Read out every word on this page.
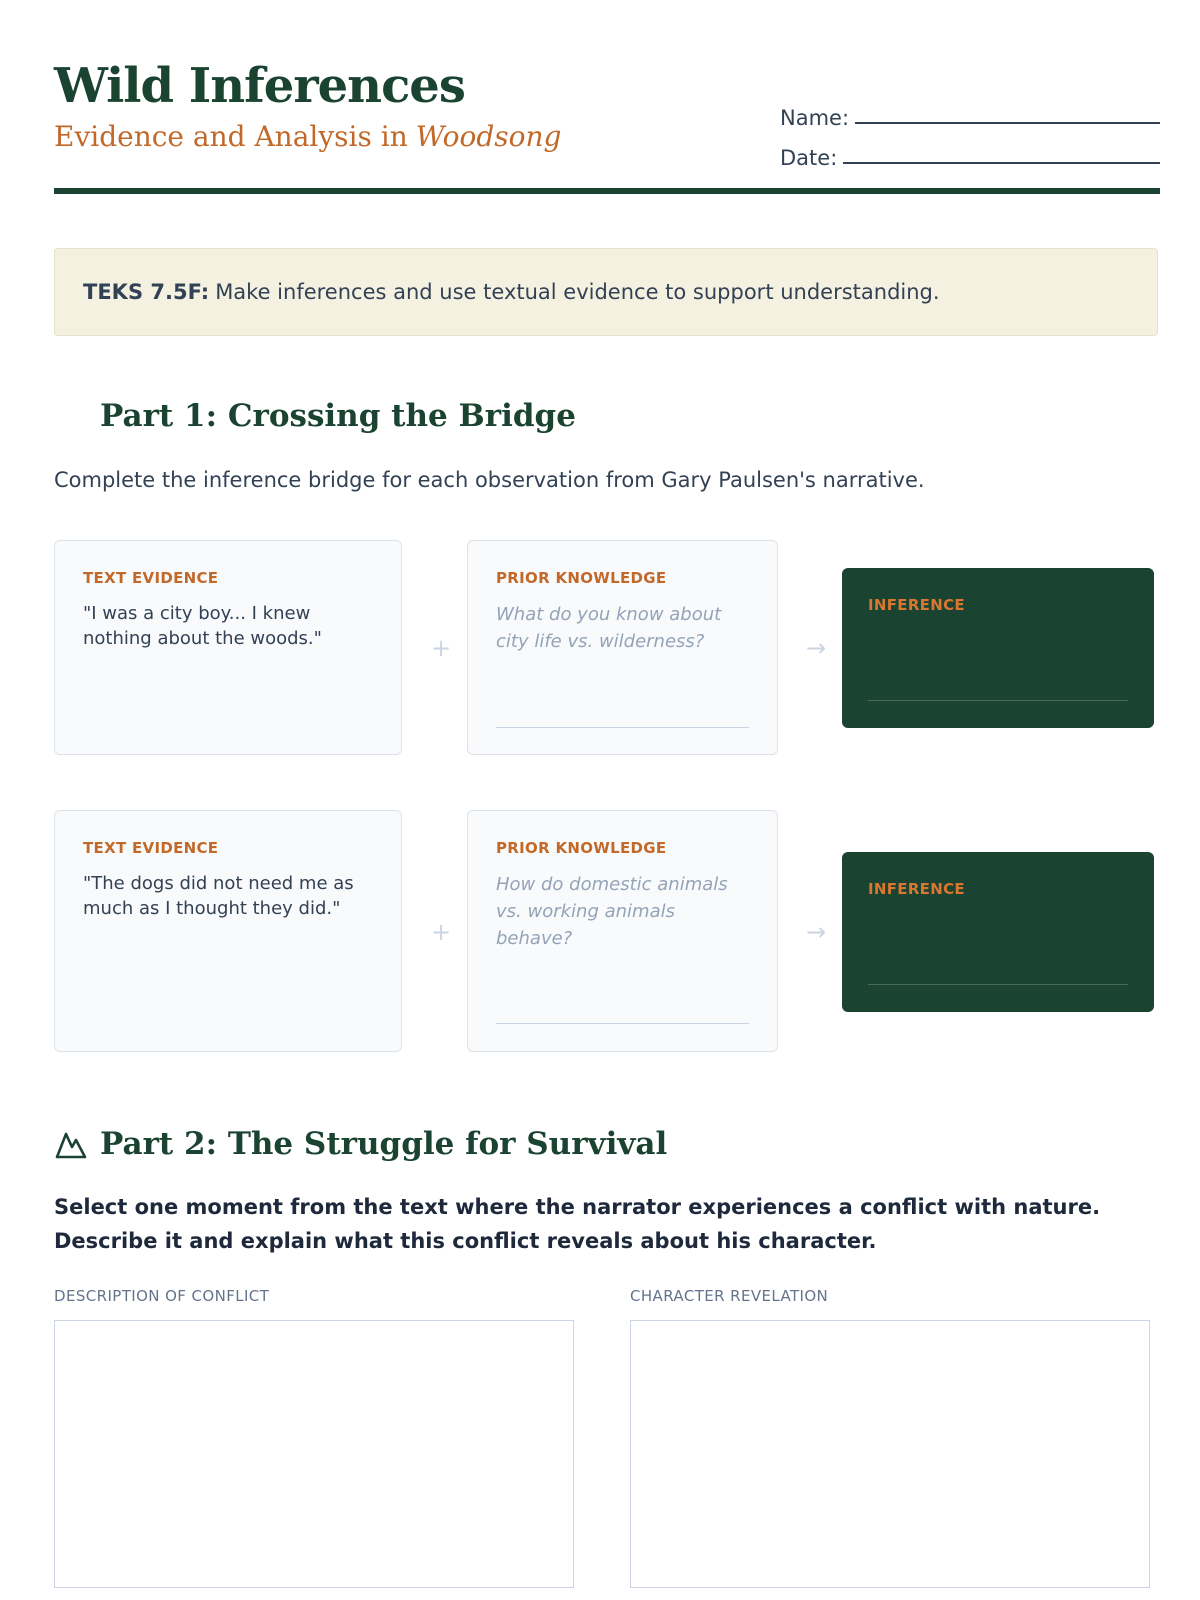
Wild Inferences
Evidence and Analysis in Woodsong
Name:
Date:
TEKS 7.5F: Make inferences and use textual evidence to support understanding.
Part 1: Crossing the Bridge
Complete the inference bridge for each observation from Gary Paulsen's narrative.
TEXT EVIDENCE
"I was a city boy... I knew nothing about the woods."	+
PRIOR KNOWLEDGE
What do you know about city life vs. wilderness?	→
INFERENCE
TEXT EVIDENCE
"The dogs did not need me as much as I thought they did."
+
PRIOR KNOWLEDGE
How do domestic animals vs. working animals behave?	→
INFERENCE
Part 2: The Struggle for Survival

Select one moment from the text where the narrator experiences a conflict with nature. Describe it and explain what this conflict reveals about his character.

DESCRIPTION OF CONFLICT	CHARACTER REVELATION
